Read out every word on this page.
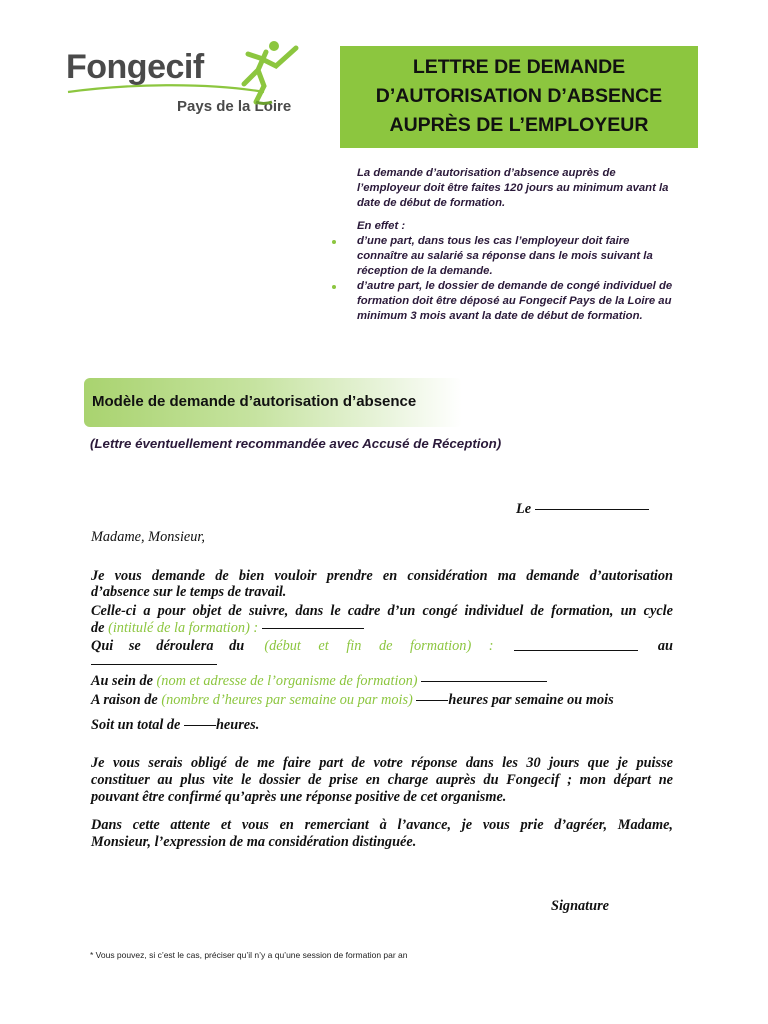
Fongecif
Pays de la Loire
LETTRE DE DEMANDE
D’AUTORISATION D’ABSENCE
AUPRÈS DE L’EMPLOYEUR
La demande d’autorisation d’absence auprès de
l’employeur doit être faites 120 jours au minimum avant la
date de début de formation.
En effet :
d’une part, dans tous les cas l’employeur doit faire
connaître au salarié sa réponse dans le mois suivant la
réception de la demande.
d’autre part, le dossier de demande de congé individuel de
formation doit être déposé au Fongecif Pays de la Loire au
minimum 3 mois avant la date de début de formation.
Modèle de demande d’autorisation d’absence
(Lettre éventuellement recommandée avec Accusé de Réception)
Le
Madame, Monsieur,
Je vous demande de bien vouloir prendre en considération ma demande d’autorisation
d’absence sur le temps de travail.
Celle-ci a pour objet de suivre, dans le cadre d’un congé individuel de formation, un cycle
de (intitulé de la formation) :
Qui se déroulera du (début et fin de formation) :	au
Au sein de (nom et adresse de l’organisme de formation)
A raison de (nombre d’heures par semaine ou par mois) heures par semaine ou mois
Soit un total de heures.
Je vous serais obligé de me faire part de votre réponse dans les 30 jours que je puisse
constituer au plus vite le dossier de prise en charge auprès du Fongecif ; mon départ ne
pouvant être confirmé qu’après une réponse positive de cet organisme.
Dans cette attente et vous en remerciant à l’avance, je vous prie d’agréer, Madame,
Monsieur, l’expression de ma considération distinguée.
Signature
* Vous pouvez, si c’est le cas, préciser qu’il n’y a qu’une session de formation par an
